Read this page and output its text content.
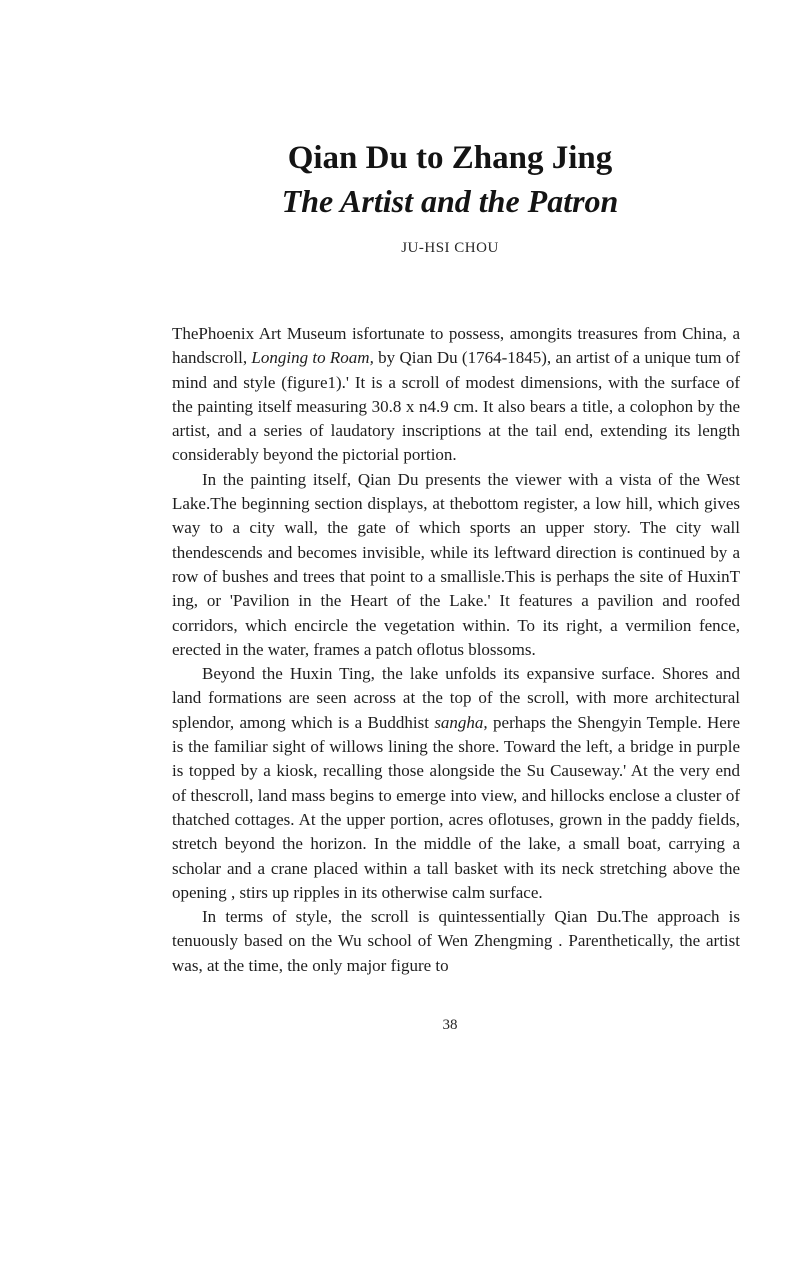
Qian Du to Zhang Jing
The Artist and the Patron

JU-HSI CHOU

ThePhoenix Art Museum isfortunate to possess, amongits treasures from China, a handscroll, Longing to Roam, by Qian Du (1764-1845), an artist of a unique tum of mind and style (figure1).' It is a scroll of modest dimensions, with the surface of the painting itself measuring 30.8 x n4.9 cm. It also bears a title, a colophon by the artist, and a series of laudatory inscriptions at the tail end, extending its length considerably beyond the pictorial portion.

In the painting itself, Qian Du presents the viewer with a vista of the West Lake.The beginning section displays, at thebottom register, a low hill, which gives way to a city wall, the gate of which sports an upper story. The city wall thendescends and becomes invisible, while its leftward direction is continued by a row of bushes and trees that point to a smallisle.This is perhaps the site of HuxinT ing, or 'Pavilion in the Heart of the Lake.' It features a pavilion and roofed corridors, which encircle the vegetation within. To its right, a vermilion fence, erected in the water, frames a patch oflotus blossoms.

Beyond the Huxin Ting, the lake unfolds its expansive surface. Shores and land formations are seen across at the top of the scroll, with more architectural splendor, among which is a Buddhist sangha, perhaps the Shengyin Temple. Here is the familiar sight of willows lining the shore. Toward the left, a bridge in purple is topped by a kiosk, recalling those alongside the Su Causeway.' At the very end of thescroll, land mass begins to emerge into view, and hillocks enclose a cluster of thatched cottages. At the upper portion, acres oflotuses, grown in the paddy fields, stretch beyond the horizon. In the middle of the lake, a small boat, carrying a scholar and a crane placed within a tall basket with its neck stretching above the opening , stirs up ripples in its otherwise calm surface.

In terms of style, the scroll is quintessentially Qian Du.The approach is tenuously based on the Wu school of Wen Zhengming . Parenthetically, the artist was, at the time, the only major figure to

38
